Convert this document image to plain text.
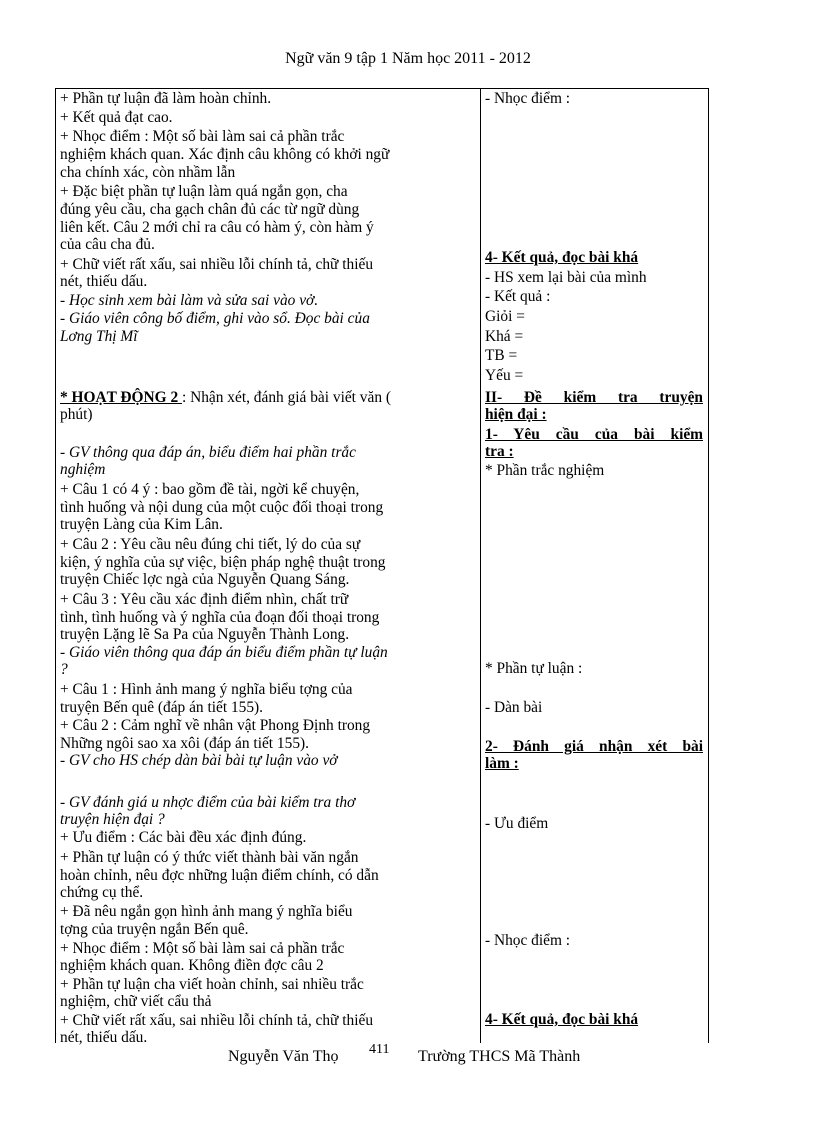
Ngữ văn 9 tập 1 Năm học 2011 - 2012
+ Phần tự luận đã làm hoàn chỉnh.
+ Kết quả đạt cao.
+ Nhọc điểm : Một số bài làm sai cả phần trắc
nghiệm khách quan. Xác định câu không có khởi ngữ
cha chính xác, còn nhầm lẫn
+ Đặc biệt phần tự luận làm quá ngắn gọn, cha
đúng yêu cầu, cha gạch chân đủ các từ ngữ dùng
liên kết. Câu 2 mới chỉ ra câu có hàm ý, còn hàm ý
của câu cha đủ.
+ Chữ viết rất xấu, sai nhiều lỗi chính tả, chữ thiếu
nét, thiếu dấu.
- Học sinh xem bài làm và sửa sai vào vở.
- Giáo viên công bố điểm, ghi vào sổ. Đọc bài của
Lơng Thị Mĩ
* HOẠT ĐỘNG 2 : Nhận xét, đánh giá bài viết văn (
phút)
- GV thông qua đáp án, biểu điểm hai phần trắc
nghiệm
+ Câu 1 có 4 ý : bao gồm đề tài, ngời kể chuyện,
tình huống và nội dung của một cuộc đối thoại trong
truyện Làng của Kim Lân.
+ Câu 2 : Yêu cầu nêu đúng chi tiết, lý do của sự
kiện, ý nghĩa của sự việc, biện pháp nghệ thuật trong
truyện Chiếc lợc ngà của Nguyễn Quang Sáng.
+ Câu 3 : Yêu cầu xác định điểm nhìn, chất trữ
tình, tình huống và ý nghĩa của đoạn đối thoại trong
truyện Lặng lẽ Sa Pa của Nguyễn Thành Long.
- Giáo viên thông qua đáp án biểu điểm phần tự luận
?
+ Câu 1 : Hình ảnh mang ý nghĩa biểu tợng của
truyện Bến quê (đáp án tiết 155).
+ Câu 2 : Cảm nghĩ về nhân vật Phong Định trong
Những ngôi sao xa xôi (đáp án tiết 155).
- GV cho HS chép dàn bài bài tự luận vào vở
- GV đánh giá u nhợc điểm của bài kiểm tra thơ
truyện hiện đại ?
+ Ưu điểm : Các bài đều xác định đúng.
+ Phần tự luận có ý thức viết thành bài văn ngắn
hoàn chỉnh, nêu đợc những luận điểm chính, có dẫn
chứng cụ thể.
+ Đã nêu ngắn gọn hình ảnh mang ý nghĩa biểu
tợng của truyện ngắn Bến quê.
+ Nhọc điểm : Một số bài làm sai cả phần trắc
nghiệm khách quan. Không điền đợc câu 2
+ Phần tự luận cha viết hoàn chỉnh, sai nhiều trắc
nghiệm, chữ viết cẩu thả
+ Chữ viết rất xấu, sai nhiều lỗi chính tả, chữ thiếu
nét, thiếu dấu.
- Nhọc điểm :
4- Kết quả, đọc bài khá
- HS xem lại bài của mình
- Kết quả :
Giỏi =
Khá =
TB =
Yếu =
II- Đề kiểm tra truyện
hiện đại :
1- Yêu cầu của bài kiểm
tra :
* Phần trắc nghiệm
* Phần tự luận :
- Dàn bài
2- Đánh giá nhận xét bài
làm :
- Ưu điểm
- Nhọc điểm :
4- Kết quả, đọc bài khá
Nguyễn Văn Thọ 411 Trường THCS Mã Thành
